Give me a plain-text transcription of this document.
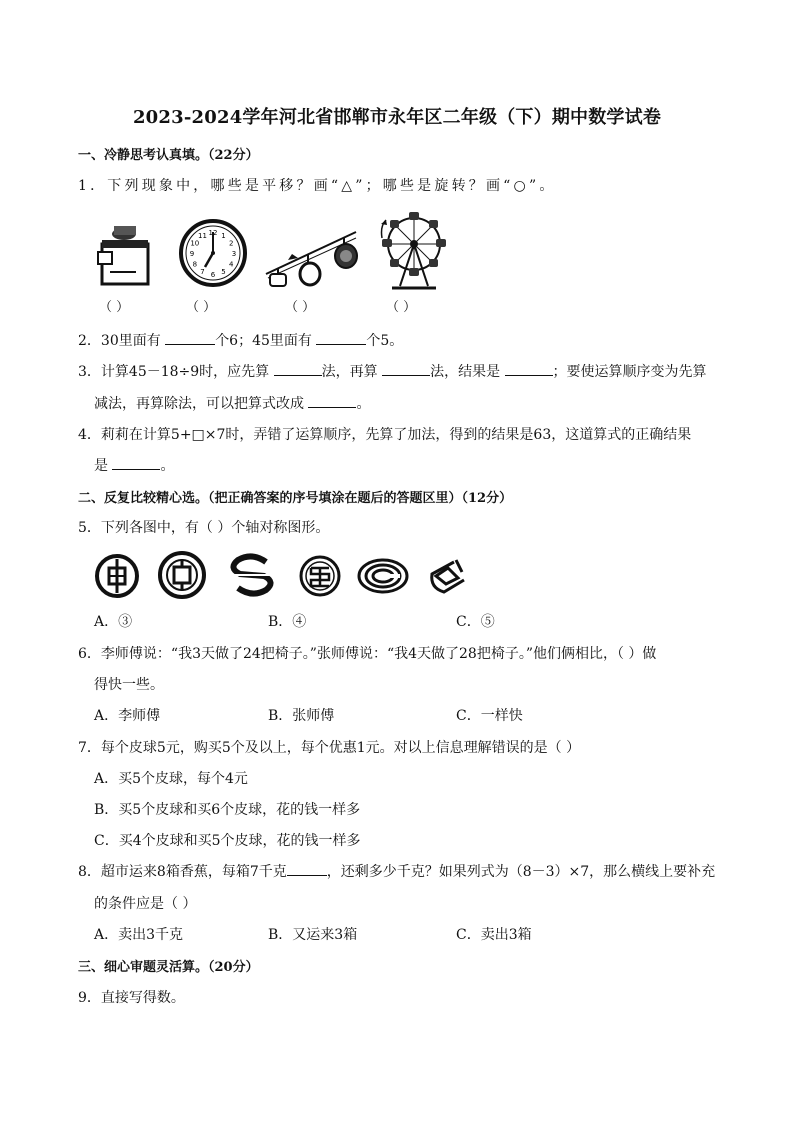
2023-2024学年河北省邯郸市永年区二年级（下）期中数学试卷
一、冷静思考认真填。（22分）
1．下列现象中，哪些是平移？画“△”；哪些是旋转？画“○”。
12 1
2
3
4
5
6
7
8
9
10
11
（ ）	（ ）	（ ）	（ ）
2．30里面有	个6；45里面有	个5。
3．计算45－18÷9时，应先算	法，再算	法，结果是	；要使运算顺序变为先算
减法，再算除法，可以把算式改成	。
4．莉莉在计算5+□×7时，弄错了运算顺序，先算了加法，得到的结果是63，这道算式的正确结果
是	。
二、反复比较精心选。（把正确答案的序号填涂在题后的答题区里）（12分）
5．下列各图中，有（ ）个轴对称图形。
A．③	B．④	C．⑤
6．李师傅说：“我3天做了24把椅子。”张师傅说：“我4天做了28把椅子。”他们俩相比，（ ）做
得快一些。
A．李师傅	B．张师傅	C．一样快
7．每个皮球5元，购买5个及以上，每个优惠1元。对以上信息理解错误的是（ ）
A．买5个皮球，每个4元
B．买5个皮球和买6个皮球，花的钱一样多
C．买4个皮球和买5个皮球，花的钱一样多
8．超市运来8箱香蕉，每箱7千克	，还剩多少千克？如果列式为（8－3）×7，那么横线上要补充
的条件应是（ ）
A．卖出3千克	B．又运来3箱	C．卖出3箱
三、细心审题灵活算。（20分）
9．直接写得数。
